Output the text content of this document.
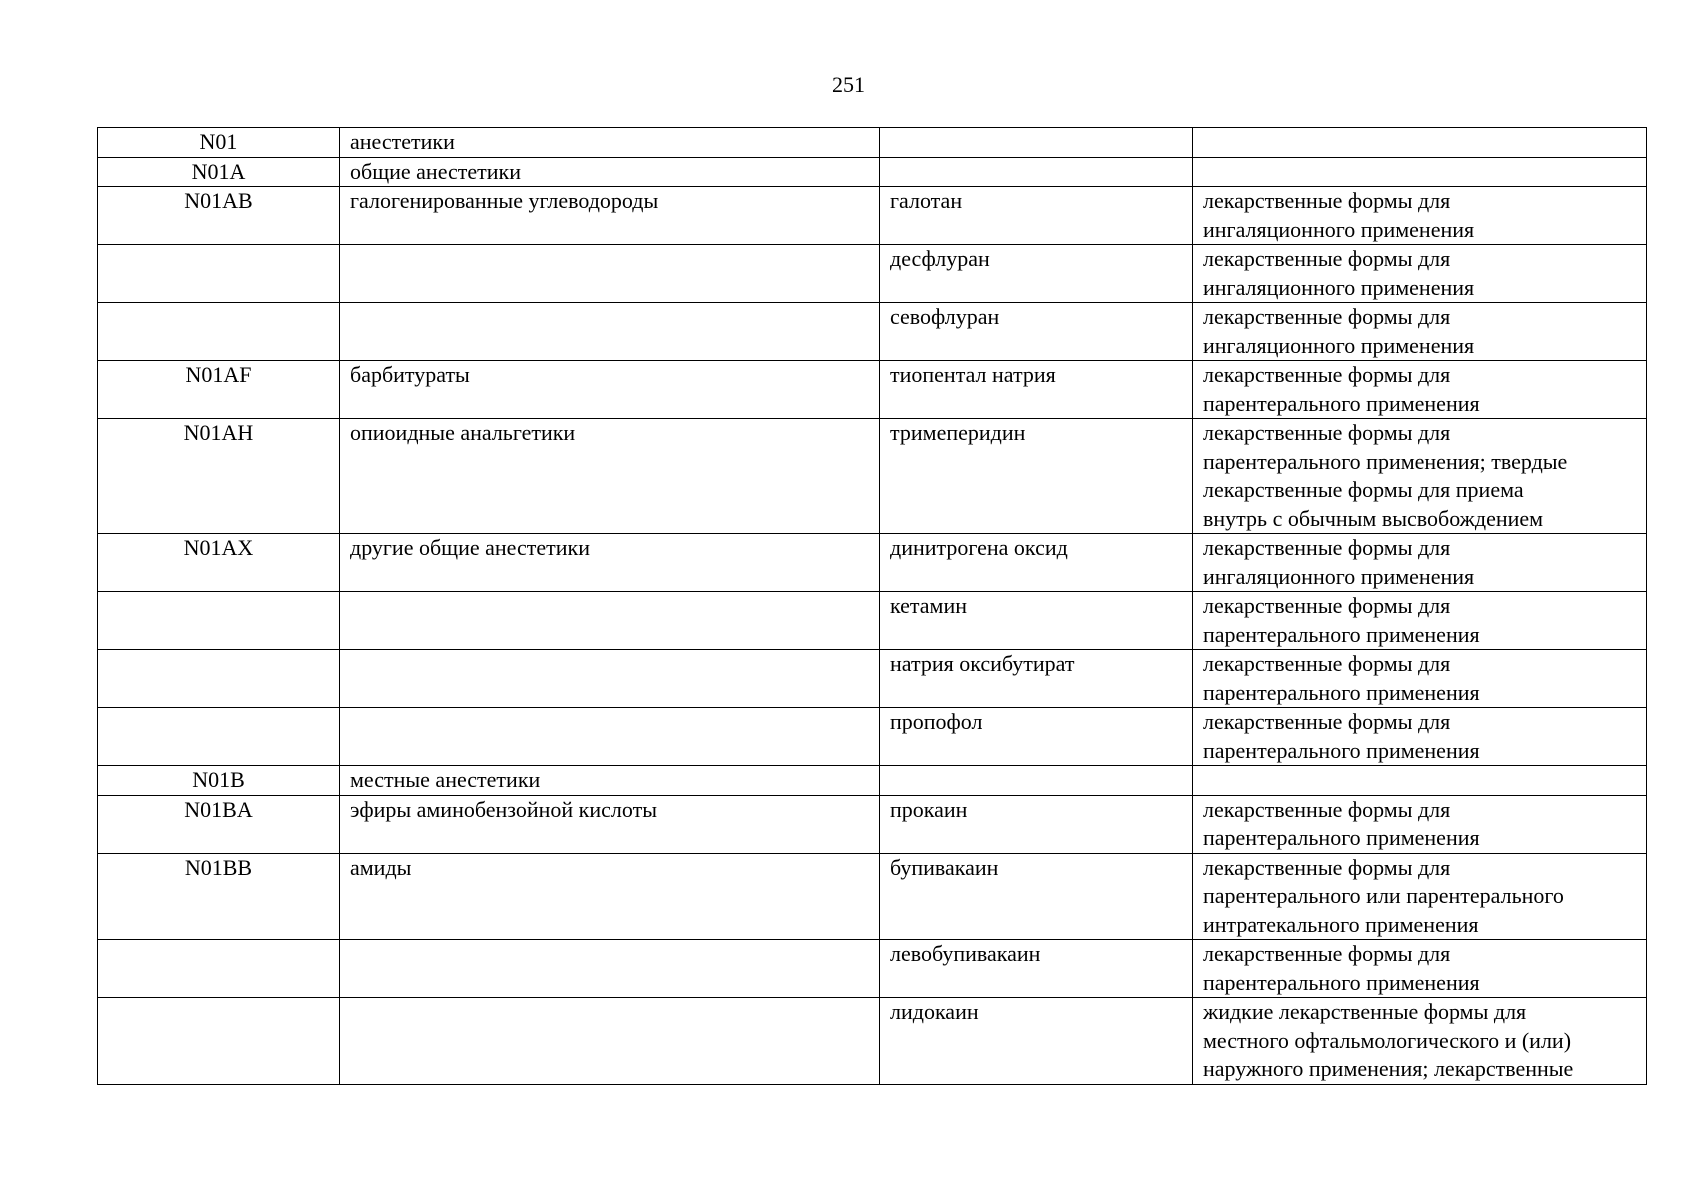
251
N01	анестетики		
N01A	общие анестетики		
N01AB	галогенированные углеводороды	галотан	лекарственные формы для
ингаляционного применения

		десфлуран	лекарственные формы для
ингаляционного применения

		севофлуран	лекарственные формы для
ингаляционного применения

N01AF	барбитураты	тиопентал натрия	лекарственные формы для
парентерального применения

N01AH	опиоидные анальгетики	тримеперидин	лекарственные формы для
парентерального применения; твердые
лекарственные формы для приема
внутрь с обычным высвобождением

N01AX	другие общие анестетики	динитрогена оксид	лекарственные формы для
ингаляционного применения

		кетамин	лекарственные формы для
парентерального применения

		натрия оксибутират	лекарственные формы для
парентерального применения

		пропофол	лекарственные формы для
парентерального применения

N01B	местные анестетики		
N01BA	эфиры аминобензойной кислоты	прокаин	лекарственные формы для
парентерального применения

N01BB	амиды	бупивакаин	лекарственные формы для
парентерального или парентерального
интратекального применения

		левобупивакаин	лекарственные формы для
парентерального применения

		лидокаин	жидкие лекарственные формы для
местного офтальмологического и (или)
наружного применения; лекарственные
